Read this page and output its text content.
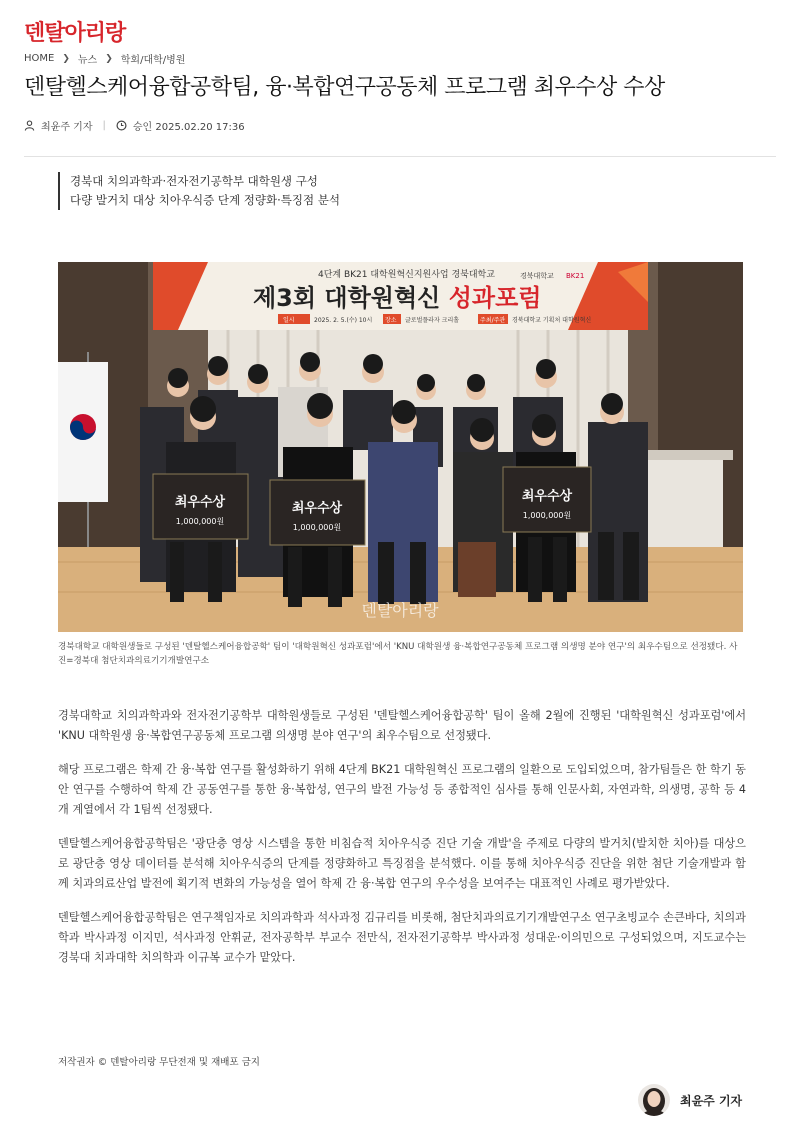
덴탈아리랑
HOME ❯ 뉴스 ❯ 학회/대학/병원
덴탈헬스케어융합공학팀, 융·복합연구공동체 프로그램 최우수상 수상
최윤주 기자 |	승인 2025.02.20 17:36
경북대 치의과학과·전자전기공학부 대학원생 구성
다량 발거치 대상 치아우식증 단계 정량화·특징점 분석
4단계 BK21 대학원혁신지원사업 경북대학교
제3회 대학원혁신 성과포럼
일시	2025. 2. 5.(수) 10시 장소 글로벌플라자 크리홀	주최/주관 경북대학교 기획처 대학원혁신
경북대학교 BK21
최우수상
1,000,000원
최우수상
1,000,000원
최우수상
1,000,000원
덴탈아리랑
경북대학교 대학원생들로 구성된 '덴탈헬스케어융합공학' 팀이 '대학원혁신 성과포럼'에서 'KNU 대학원생 융·복합연구공동체 프로그램 의생명 분야 연구'의 최우수팀으로 선정됐다. 사진=경북대 첨단치과의료기기개발연구소

경북대학교 치의과학과와 전자전기공학부 대학원생들로 구성된 '덴탈헬스케어융합공학' 팀이 올해 2월에 진행된 '대학원혁신 성과포럼'에서 'KNU 대학원생 융·복합연구공동체 프로그램 의생명 분야 연구'의 최우수팀으로 선정됐다.

해당 프로그램은 학제 간 융·복합 연구를 활성화하기 위해 4단계 BK21 대학원혁신 프로그램의 일환으로 도입되었으며, 참가팀들은 한 학기 동안 연구를 수행하여 학제 간 공동연구를 통한 융·복합성, 연구의 발전 가능성 등 종합적인 심사를 통해 인문사회, 자연과학, 의생명, 공학 등 4개 계열에서 각 1팀씩 선정됐다.

덴탈헬스케어융합공학팀은 '광단층 영상 시스템을 통한 비침습적 치아우식증 진단 기술 개발'을 주제로 다량의 발거치(발치한 치아)를 대상으로 광단층 영상 데이터를 분석해 치아우식증의 단계를 정량화하고 특징점을 분석했다. 이를 통해 치아우식증 진단을 위한 첨단 기술개발과 함께 치과의료산업 발전에 획기적 변화의 가능성을 열어 학제 간 융·복합 연구의 우수성을 보여주는 대표적인 사례로 평가받았다.

덴탈헬스케어융합공학팀은 연구책임자로 치의과학과 석사과정 김규리를 비롯해, 첨단치과의료기기개발연구소 연구초빙교수 손큰바다, 치의과학과 박사과정 이지민, 석사과정 안휘균, 전자공학부 부교수 전만식, 전자전기공학부 박사과정 성대운·이의민으로 구성되었으며, 지도교수는 경북대 치과대학 치의학과 이규복 교수가 맡았다.

저작권자 © 덴탈아리랑 무단전재 및 재배포 금지
최윤주 기자
